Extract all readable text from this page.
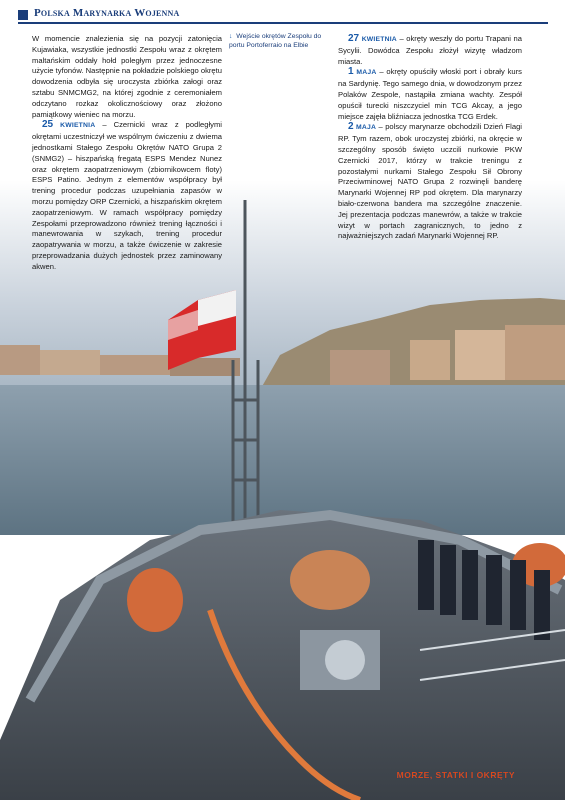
Polska Marynarka Wojenna

W momencie znalezienia się na pozycji zatonięcia Kujawiaka, wszystkie jednostki Zespołu wraz z okrętem maltańskim oddały hołd poległym przez jednoczesne użycie tyfonów. Następnie na pokładzie polskiego okrętu dowodzenia odbyła się uroczysta zbiórka załogi oraz sztabu SNMCMG2, na której zgodnie z ceremoniałem odczytano rozkaz okolicznościowy oraz złożono pamiątkowy wieniec na morzu.

25 KWIETNIA – Czernicki wraz z podległymi okrętami uczestniczył we wspólnym ćwiczeniu z dwiema jednostkami Stałego Zespołu Okrętów NATO Grupa 2 (SNMG2) – hiszpańską fregatą ESPS Mendez Nunez oraz okrętem zaopatrzeniowym (zbiornikowcem floty) ESPS Patino. Jednym z elementów współpracy był trening procedur podczas uzupełniania zapasów w morzu pomiędzy ORP Czernicki, a hiszpańskim okrętem zaopatrzeniowym. W ramach współpracy pomiędzy Zespołami przeprowadzono również trening łączności i manewrowania w szykach, trening procedur zaopatrywania w morzu, a także ćwiczenie w zakresie przeprowadzania dużych jednostek przez zaminowany akwen.

↓ Wejście okrętów Zespołu do portu Portoferraio na Elbie

27 KWIETNIA – okręty weszły do portu Trapani na Sycylii. Dowódca Zespołu złożył wizytę władzom miasta.

1 MAJA – okręty opuściły włoski port i obrały kurs na Sardynię. Tego samego dnia, w dowodzonym przez Polaków Zespole, nastąpiła zmiana wachty. Zespół opuścił turecki niszczyciel min TCG Akcay, a jego miejsce zajęła bliźniacza jednostka TCG Erdek.

2 MAJA – polscy marynarze obchodzili Dzień Flagi RP. Tym razem, obok uroczystej zbiórki, na okręcie w szczególny sposób święto uczcili nurkowie PKW Czernicki 2017, którzy w trakcie treningu z pozostałymi nurkami Stałego Zespołu Sił Obrony Przeciwminowej NATO Grupa 2 rozwinęli banderę Marynarki Wojennej RP pod okrętem. Dla marynarzy biało-czerwona bandera ma szczególne znaczenie. Jej prezentacja podczas manewrów, a także w trakcie wizyt w portach zagranicznych, to jedno z najważniejszych zadań Marynarki Wojennej RP.

MORZE, STATKI I OKRĘTY
